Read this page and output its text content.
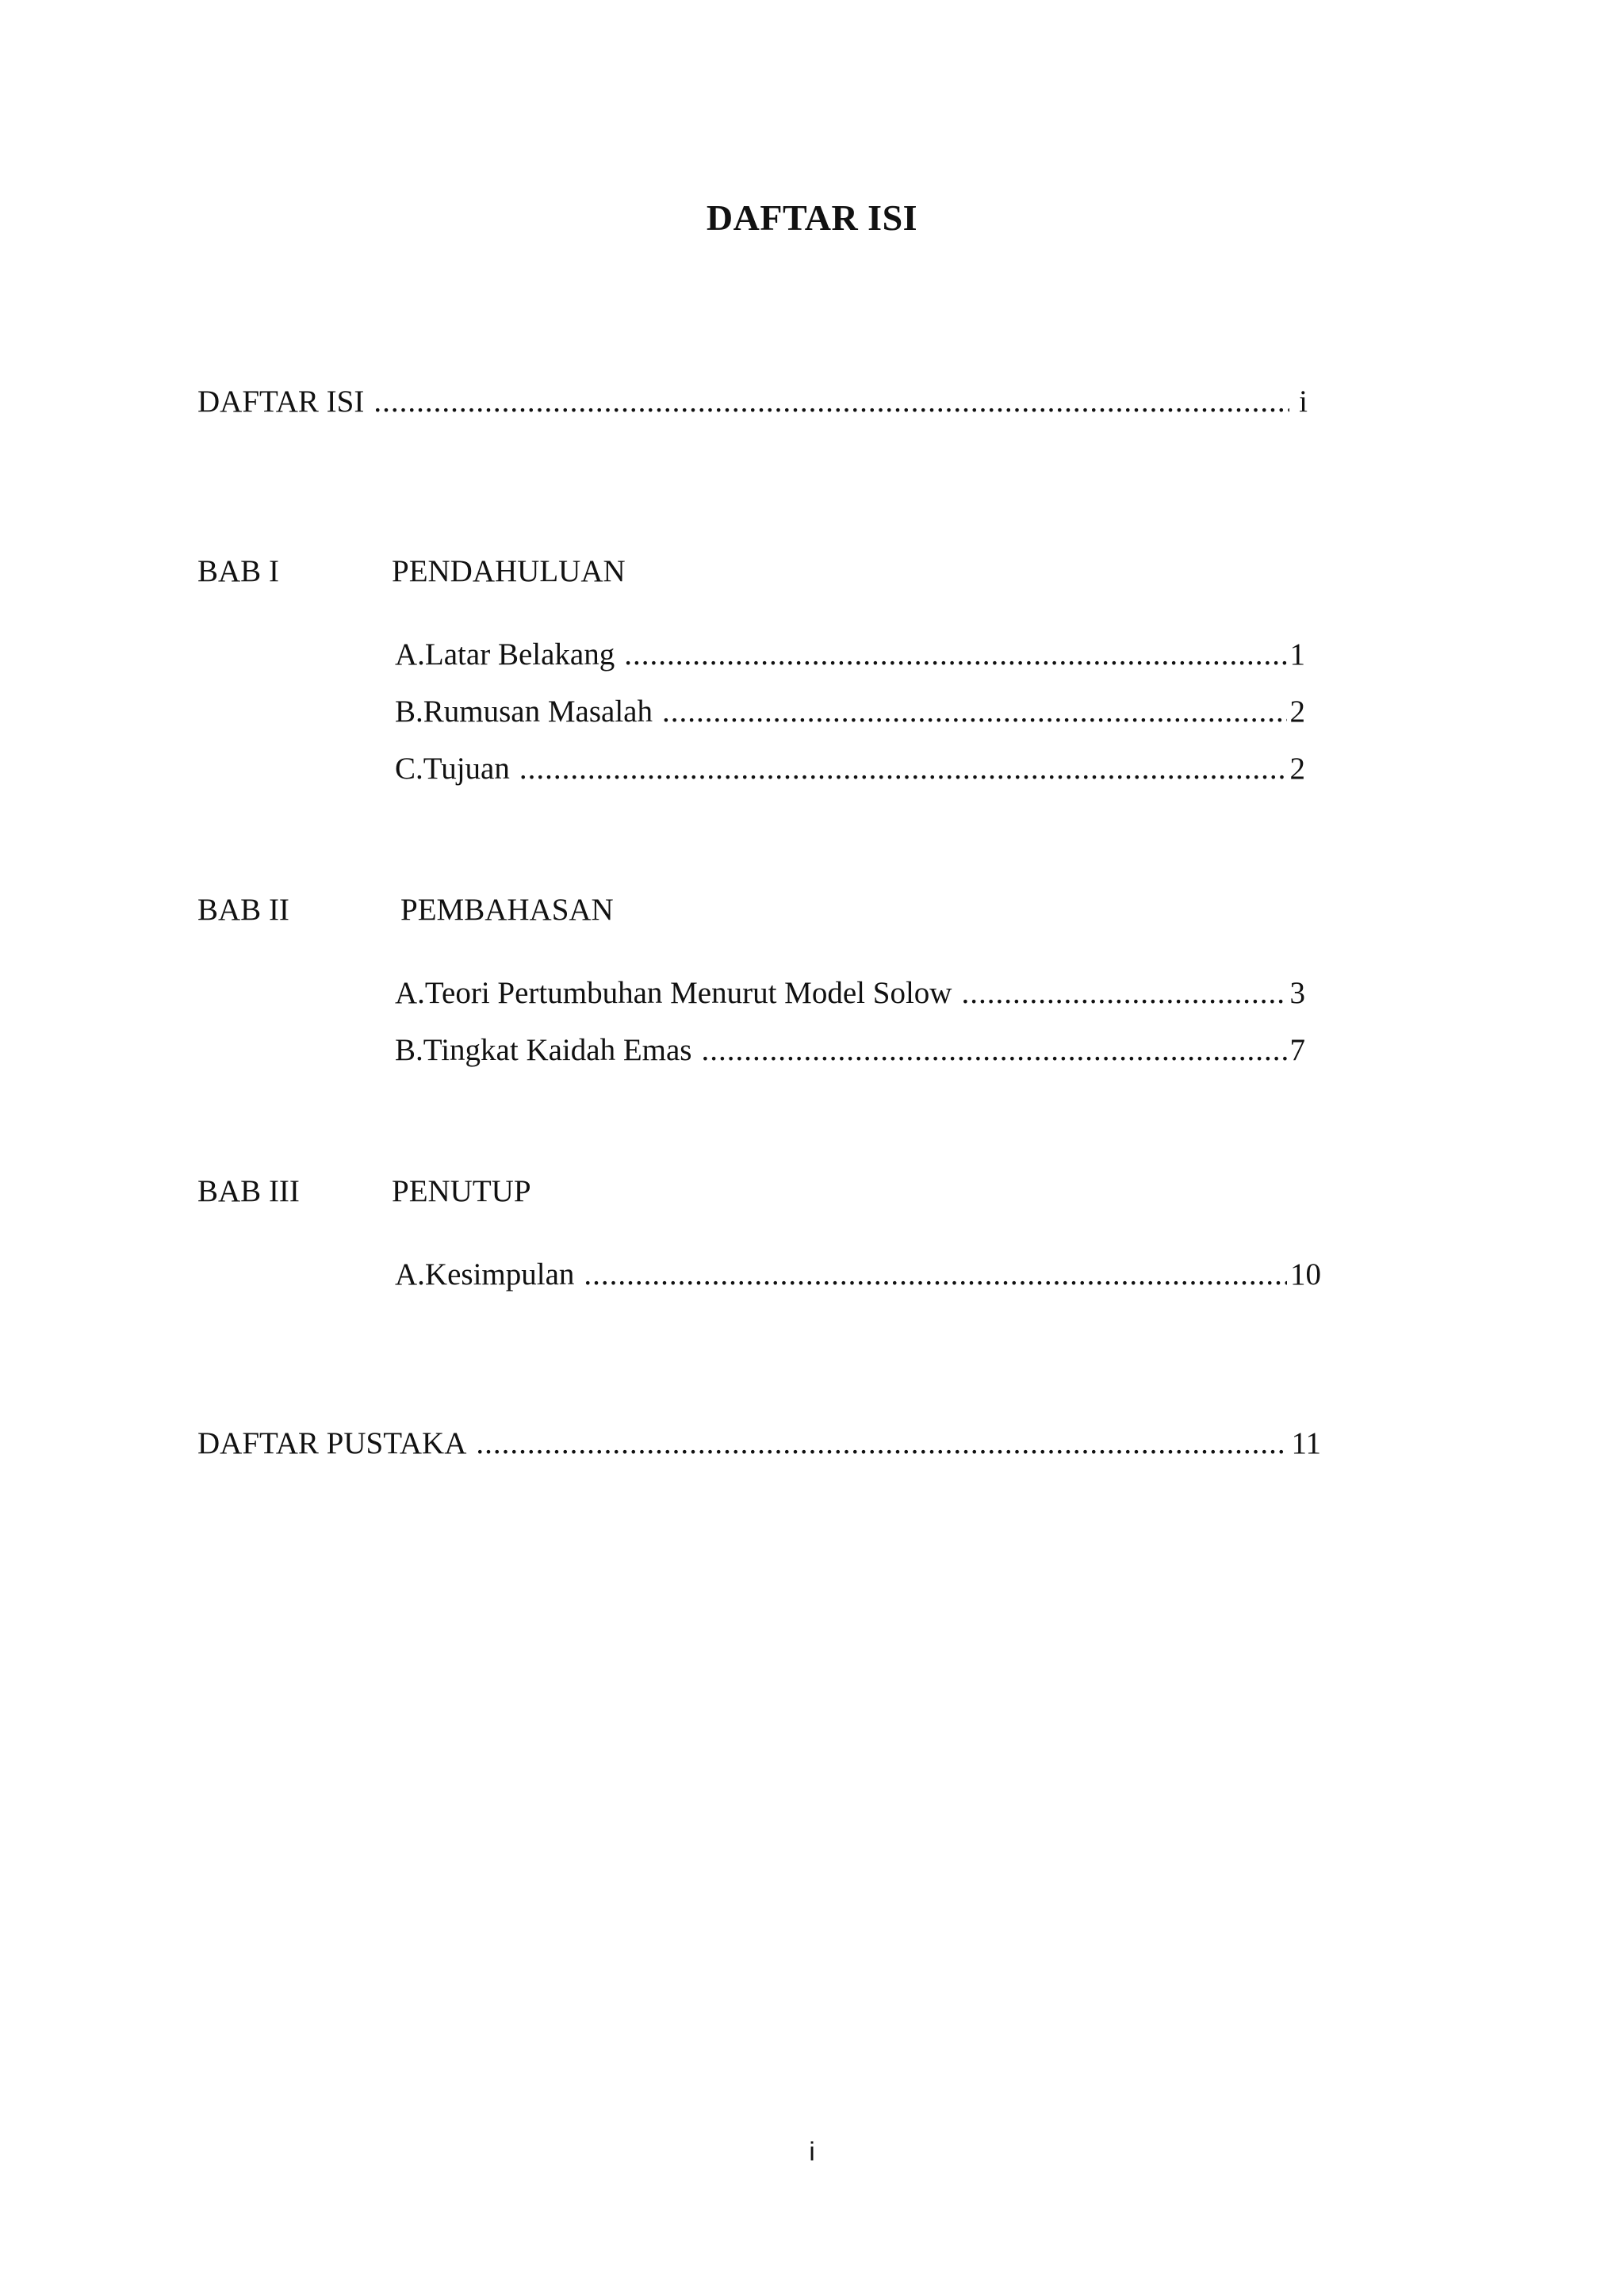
DAFTAR ISI
DAFTAR ISI .....	i
BAB I	PENDAHULUAN
A. Latar Belakang .....	1
B. Rumusan Masalah .....	2
C. Tujuan .....	2
BAB II	PEMBAHASAN
A. Teori Pertumbuhan Menurut Model Solow .....	3
B. Tingkat Kaidah Emas .....	7
BAB III	PENUTUP
A. Kesimpulan .....	10
DAFTAR PUSTAKA .....	11
i
